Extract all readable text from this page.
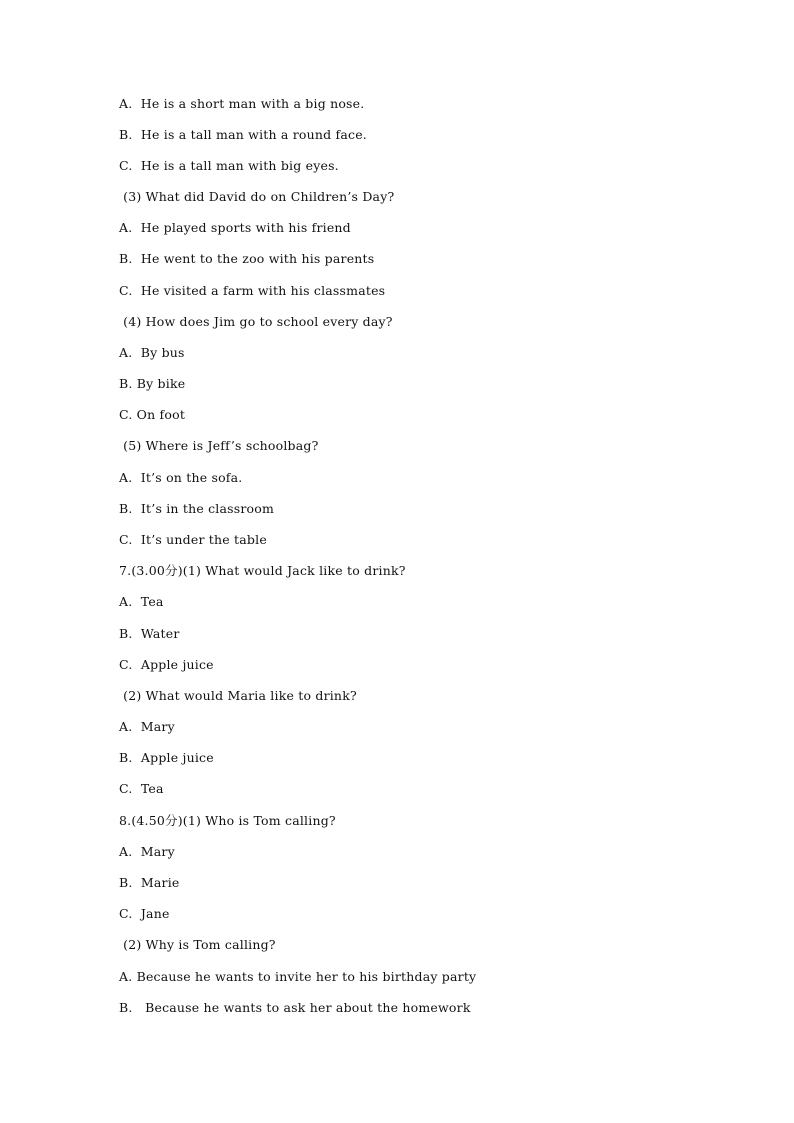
A.  He is a short man with a big nose.
B.  He is a tall man with a round face.
C.  He is a tall man with big eyes.
(3) What did David do on Children’s Day?
A.  He played sports with his friend
B.  He went to the zoo with his parents
C.  He visited a farm with his classmates
(4) How does Jim go to school every day?
A.  By bus
B. By bike
C. On foot
(5) Where is Jeff’s schoolbag?
A.  It’s on the sofa.
B.  It’s in the classroom
C.  It’s under the table
7.(3.00分)(1) What would Jack like to drink?
A.  Tea
B.  Water
C.  Apple juice
(2) What would Maria like to drink?
A.  Mary
B.  Apple juice
C.  Tea
8.(4.50分)(1) Who is Tom calling?
A.  Mary
B.  Marie
C.  Jane
(2) Why is Tom calling?
A. Because he wants to invite her to his birthday party
B.   Because he wants to ask her about the homework
